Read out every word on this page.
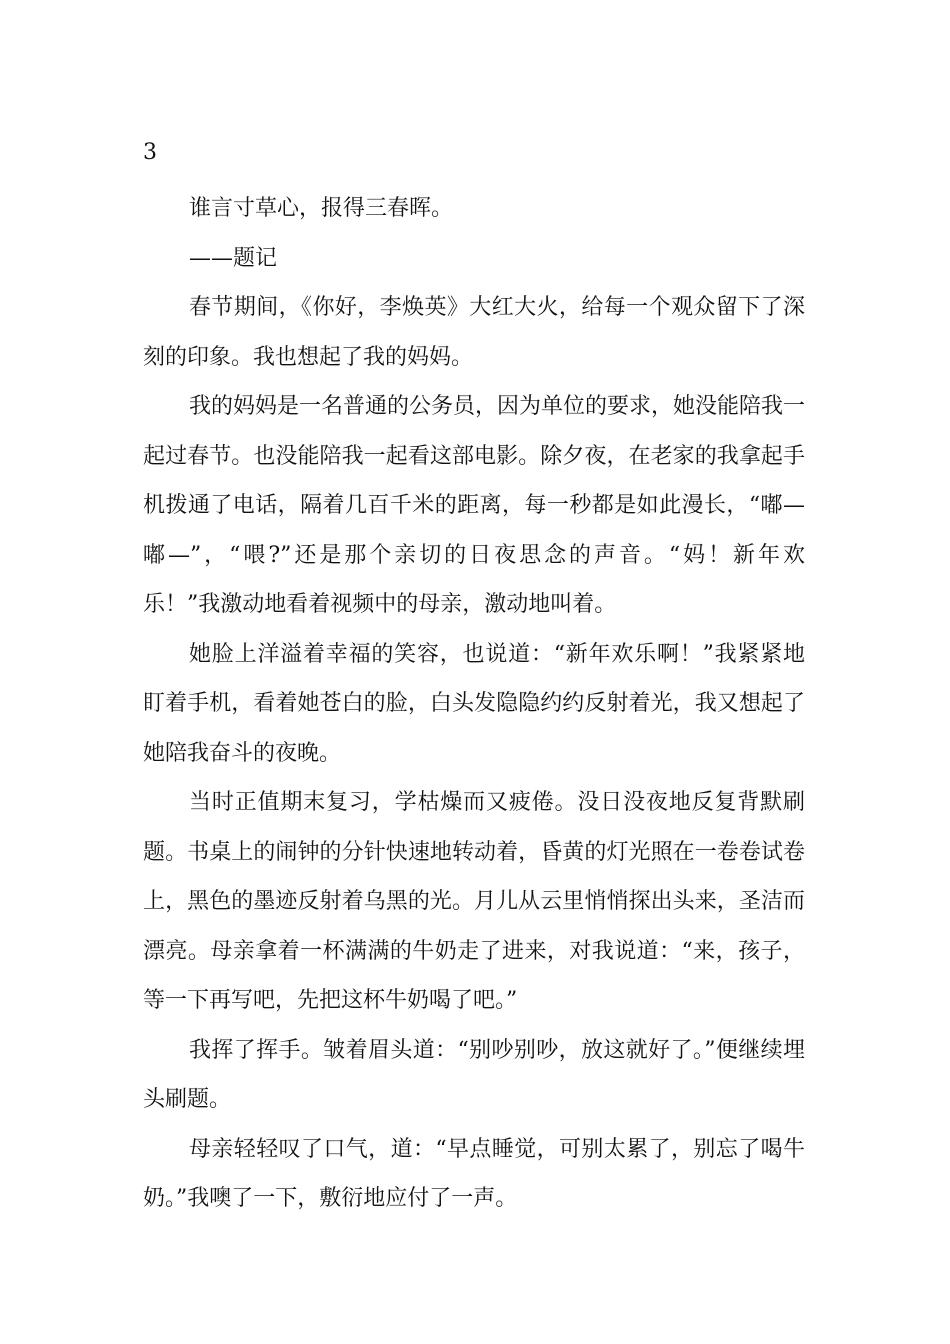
3

谁言寸草心，报得三春晖。

——题记

春节期间，《你好，李焕英》大红大火，给每一个观众留下了深刻的印象。我也想起了我的妈妈。

我的妈妈是一名普通的公务员，因为单位的要求，她没能陪我一起过春节。也没能陪我一起看这部电影。除夕夜，在老家的我拿起手机拨通了电话，隔着几百千米的距离，每一秒都是如此漫长，“嘟—嘟—”，“喂?”还是那个亲切的日夜思念的声音。“妈！新年欢乐！”我激动地看着视频中的母亲，激动地叫着。

她脸上洋溢着幸福的笑容，也说道：“新年欢乐啊！”我紧紧地盯着手机，看着她苍白的脸，白头发隐隐约约反射着光，我又想起了她陪我奋斗的夜晚。

当时正值期末复习，学枯燥而又疲倦。没日没夜地反复背默刷题。书桌上的闹钟的分针快速地转动着，昏黄的灯光照在一卷卷试卷上，黑色的墨迹反射着乌黑的光。月儿从云里悄悄探出头来，圣洁而漂亮。母亲拿着一杯满满的牛奶走了进来，对我说道：“来，孩子，等一下再写吧，先把这杯牛奶喝了吧。”

我挥了挥手。皱着眉头道：“别吵别吵，放这就好了。”便继续埋头刷题。

母亲轻轻叹了口气，道：“早点睡觉，可别太累了，别忘了喝牛奶。”我噢了一下，敷衍地应付了一声。
